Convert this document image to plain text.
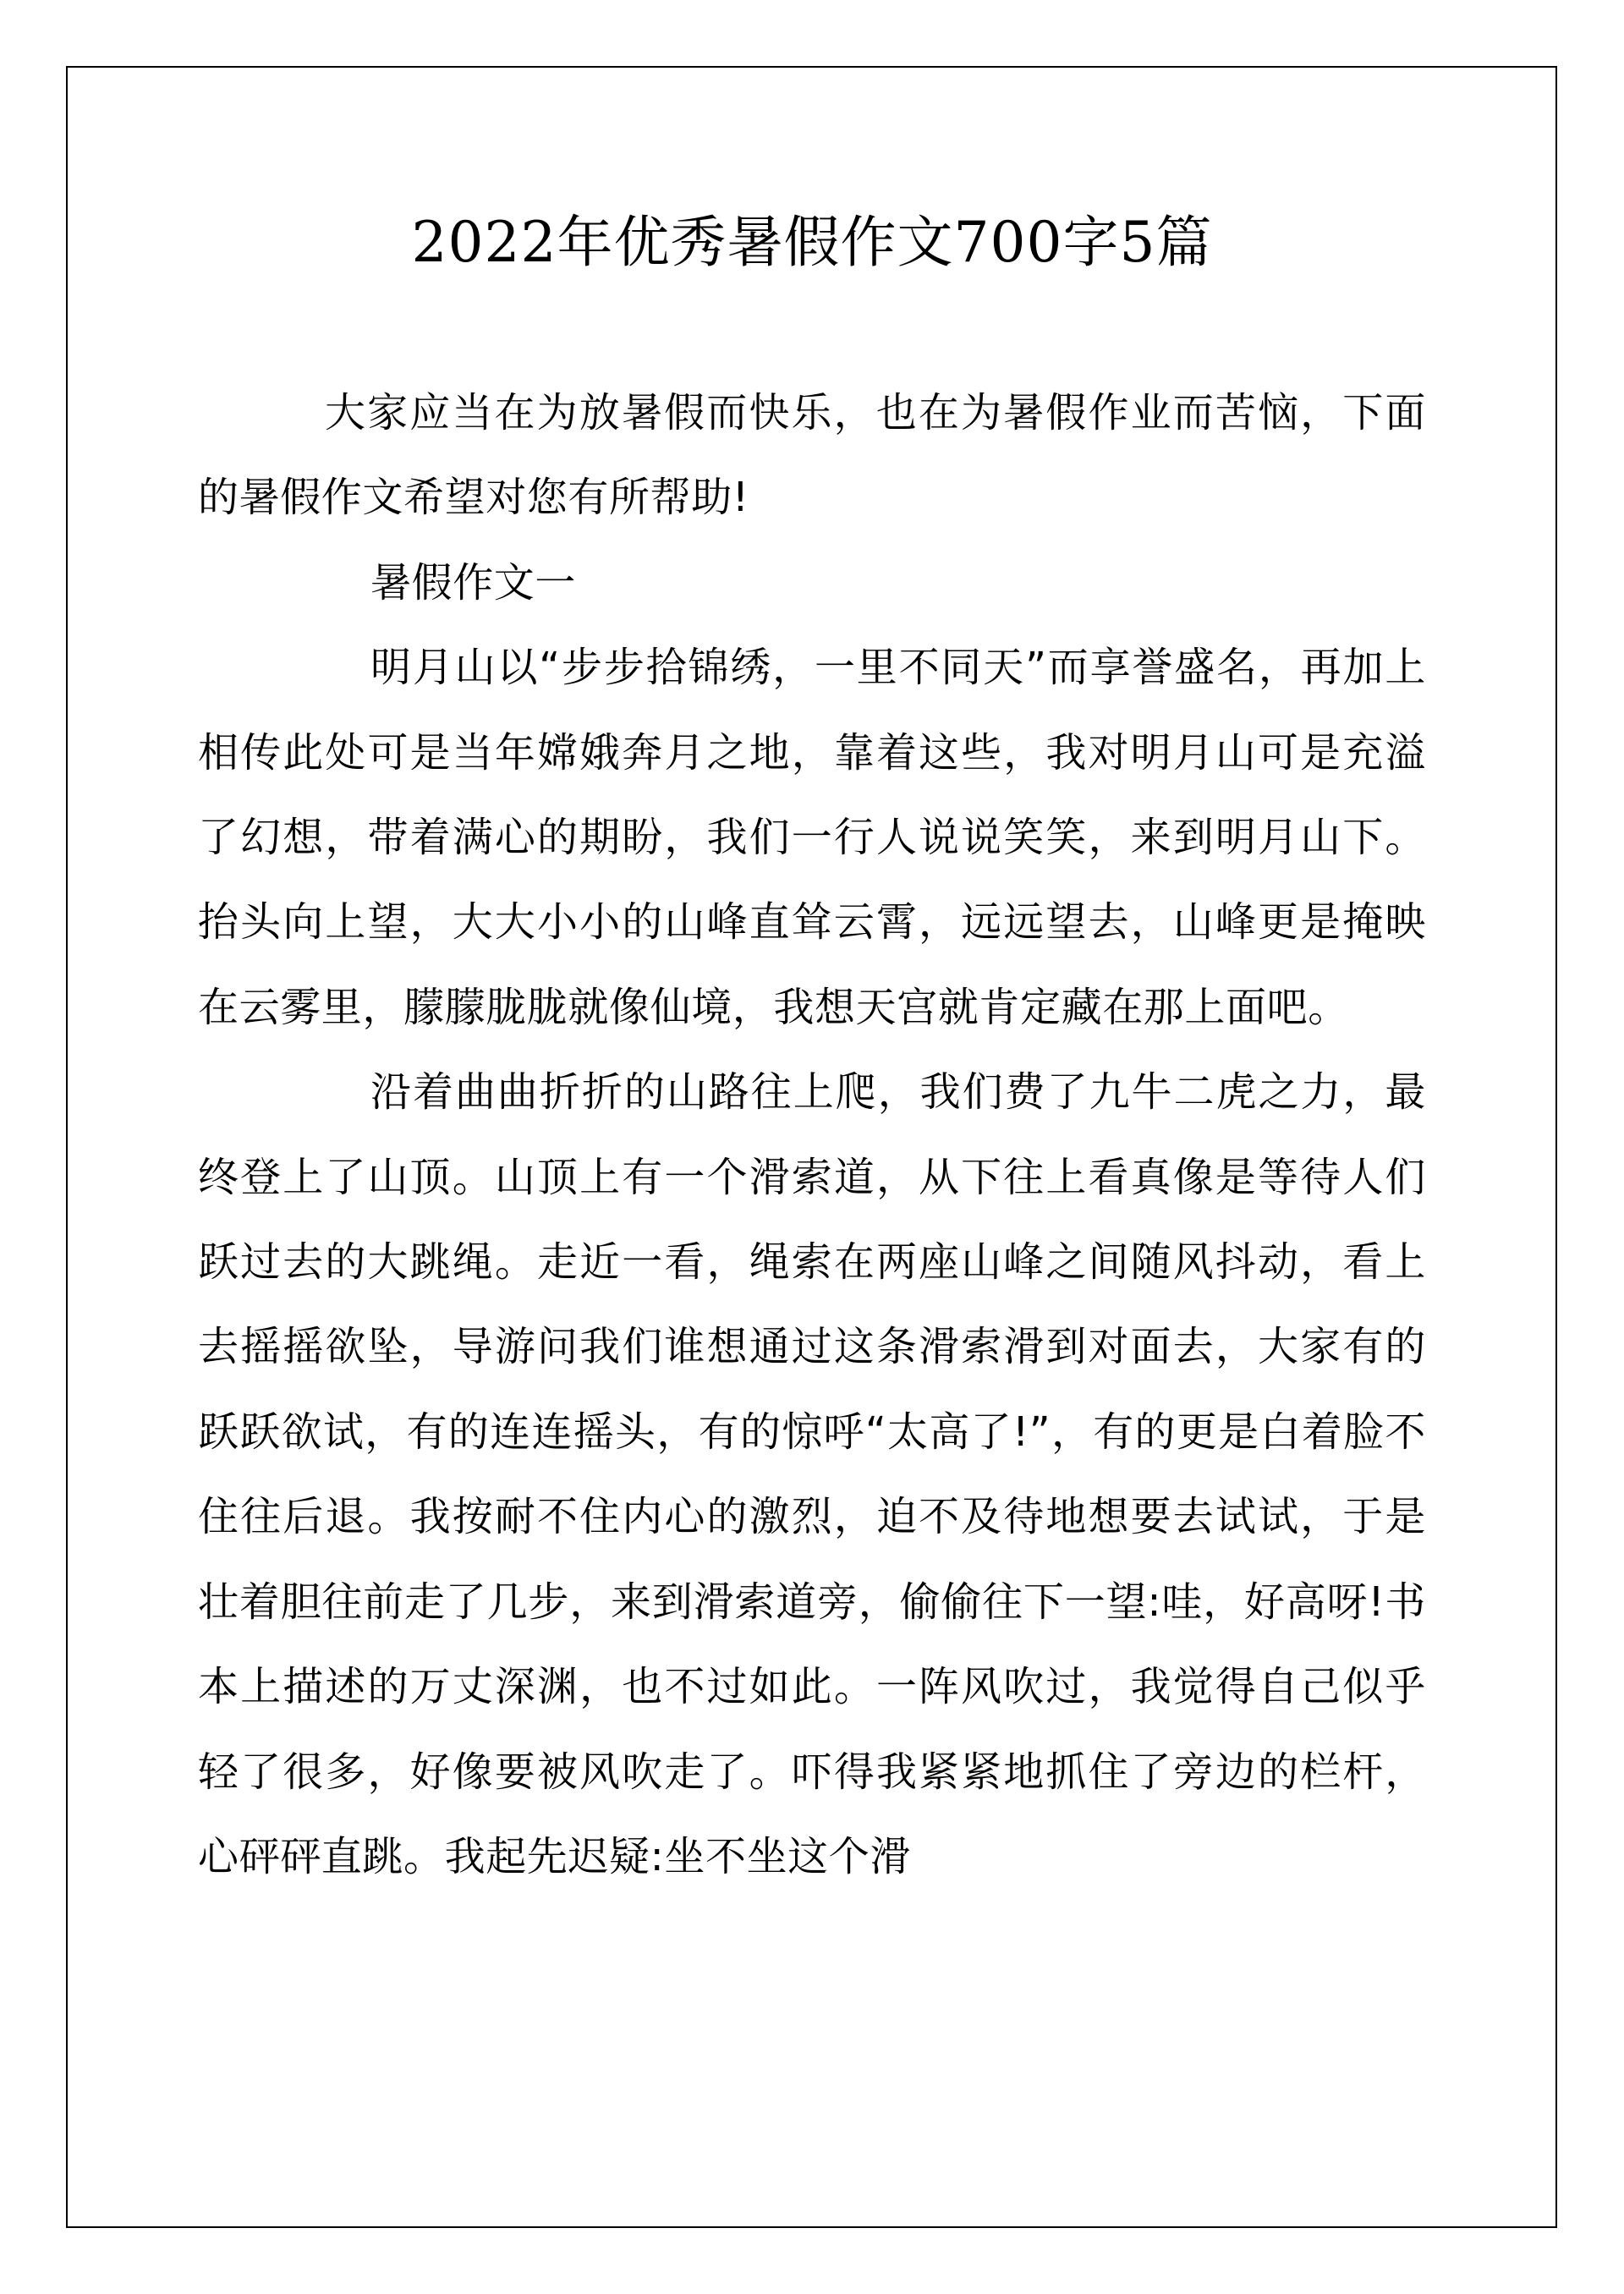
2022年优秀暑假作文700字5篇

大家应当在为放暑假而快乐，也在为暑假作业而苦恼，下面的暑假作文希望对您有所帮助!

暑假作文一

明月山以“步步拾锦绣，一里不同天”而享誉盛名，再加上相传此处可是当年嫦娥奔月之地，靠着这些，我对明月山可是充溢了幻想，带着满心的期盼，我们一行人说说笑笑，来到明月山下。抬头向上望，大大小小的山峰直耸云霄，远远望去，山峰更是掩映在云雾里，朦朦胧胧就像仙境，我想天宫就肯定藏在那上面吧。

沿着曲曲折折的山路往上爬，我们费了九牛二虎之力，最终登上了山顶。山顶上有一个滑索道，从下往上看真像是等待人们跃过去的大跳绳。走近一看，绳索在两座山峰之间随风抖动，看上去摇摇欲坠，导游问我们谁想通过这条滑索滑到对面去，大家有的跃跃欲试，有的连连摇头，有的惊呼“太高了!”，有的更是白着脸不住往后退。我按耐不住内心的激烈，迫不及待地想要去试试，于是壮着胆往前走了几步，来到滑索道旁，偷偷往下一望:哇，好高呀!书本上描述的万丈深渊，也不过如此。一阵风吹过，我觉得自己似乎轻了很多，好像要被风吹走了。吓得我紧紧地抓住了旁边的栏杆，心砰砰直跳。我起先迟疑:坐不坐这个滑
